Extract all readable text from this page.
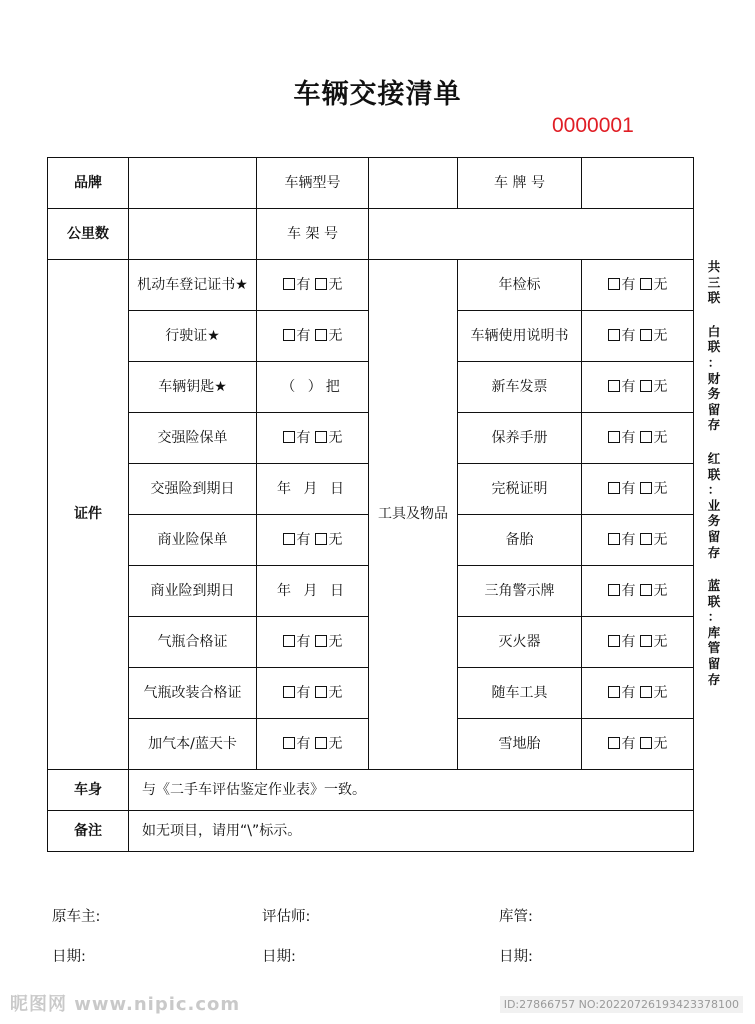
车辆交接清单
0000001
品牌		车辆型号		车 牌 号	
公里数		车 架 号			
证件	机动车登记证书★	有 无	工具及物品	年检标	有 无
	行驶证★	有 无		车辆使用说明书	有 无
	车辆钥匙★	（ ）把		新车发票	有 无
	交强险保单	有 无		保养手册	有 无
	交强险到期日	年 月 日		完税证明	有 无
	商业险保单	有 无		备胎	有 无
	商业险到期日	年 月 日		三角警示牌	有 无
	气瓶合格证	有 无		灭火器	有 无
	气瓶改装合格证	有 无		随车工具	有 无
	加气本/蓝天卡	有 无		雪地胎	有 无
车身	与《二手车评估鉴定作业表》一致。				
备注	如无项目，请用“\”标示。				
共
三
联
白
联
：
财
务
留
存
红
联
：
业
务
留
存
蓝
联
：
库
管
留
存
原车主:	评估师:	库管:
日期:	日期:	日期:
昵图网 www.nipic.com	ID:27866757 NO:20220726193423378100
